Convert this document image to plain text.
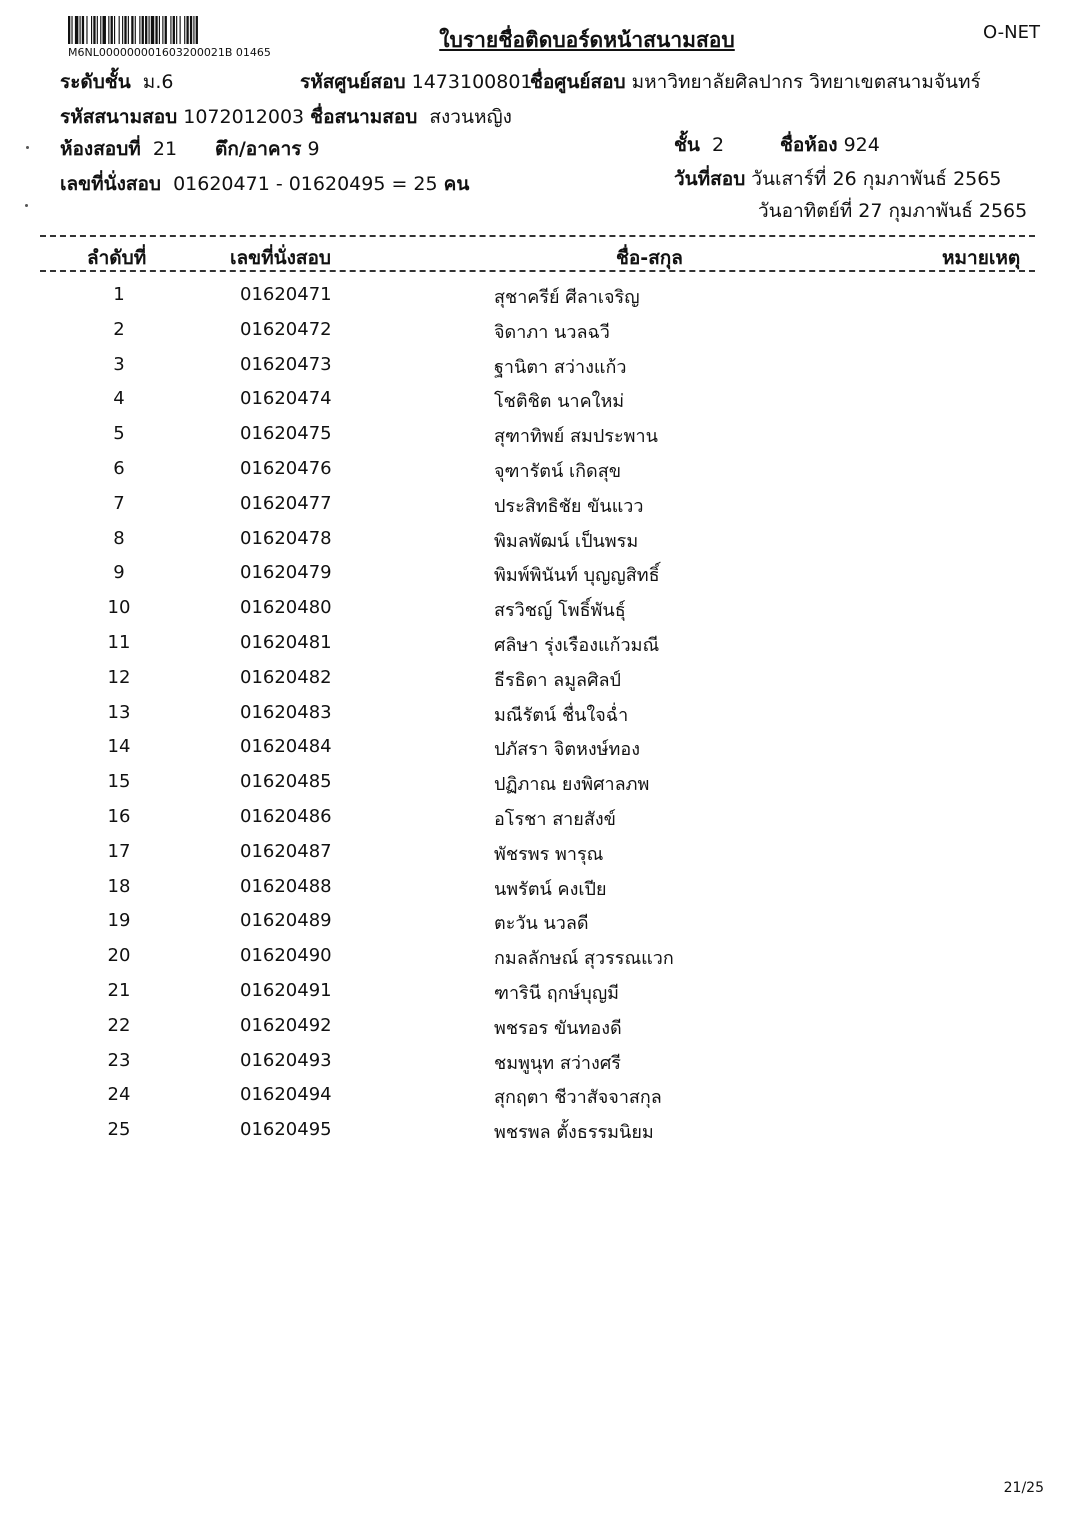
M6NL000000001603200021B 01465
ใบรายชื่อติดบอร์ดหน้าสนามสอบ	O-NET
ระดับชั้น ม.6	รหัสศูนย์สอบ 1473100801
ชื่อศูนย์สอบ มหาวิทยาลัยศิลปากร วิทยาเขตสนามจันทร์
รหัสสนามสอบ 1072012003 ชื่อสนามสอบ สงวนหญิง
ห้องสอบที่ 21 ตึก/อาคาร 9	ชั้น 2	ชื่อห้อง 924
เลขที่นั่งสอบ 01620471 - 01620495 = 25 คน	วันที่สอบ วันเสาร์ที่ 26 กุมภาพันธ์ 2565
วันอาทิตย์ที่ 27 กุมภาพันธ์ 2565
ลำดับที่	เลขที่นั่งสอบ	ชื่อ-สกุล	หมายเหตุ
1	01620471	สุชาครีย์ ศีลาเจริญ
2	01620472	จิดาภา นวลฉวี
3	01620473	ฐานิตา สว่างแก้ว
4	01620474	โชติชิต นาคใหม่
5	01620475	สุฑาทิพย์ สมประพาน
6	01620476	จุฑารัตน์ เกิดสุข
7	01620477	ประสิทธิชัย ขันแวว
8	01620478	พิมลพัฒน์ เป็นพรม
9	01620479	พิมพ์พินันท์ บุญญสิทธิ์
10	01620480	สรวิชญ์ โพธิ์พันธุ์
11	01620481	ศลิษา รุ่งเรืองแก้วมณี
12	01620482	ธีรธิดา ลมูลศิลป์
13	01620483	มณีรัตน์ ชื่นใจฉ่ำ
14	01620484	ปภัสรา จิตหงษ์ทอง
15	01620485	ปฏิภาณ ยงพิศาลภพ
16	01620486	อโรชา สายสังข์
17	01620487	พัชรพร พารุณ
18	01620488	นพรัตน์ คงเปีย
19	01620489	ตะวัน นวลดี
20	01620490	กมลลักษณ์ สุวรรณแวก
21	01620491	ฑารินี ฤกษ์บุญมี
22	01620492	พชรอร ขันทองดี
23	01620493	ชมพูนุท สว่างศรี
24	01620494	สุกฤตา ชีวาสัจจาสกุล
25	01620495	พชรพล ตั้งธรรมนิยม
21/25
